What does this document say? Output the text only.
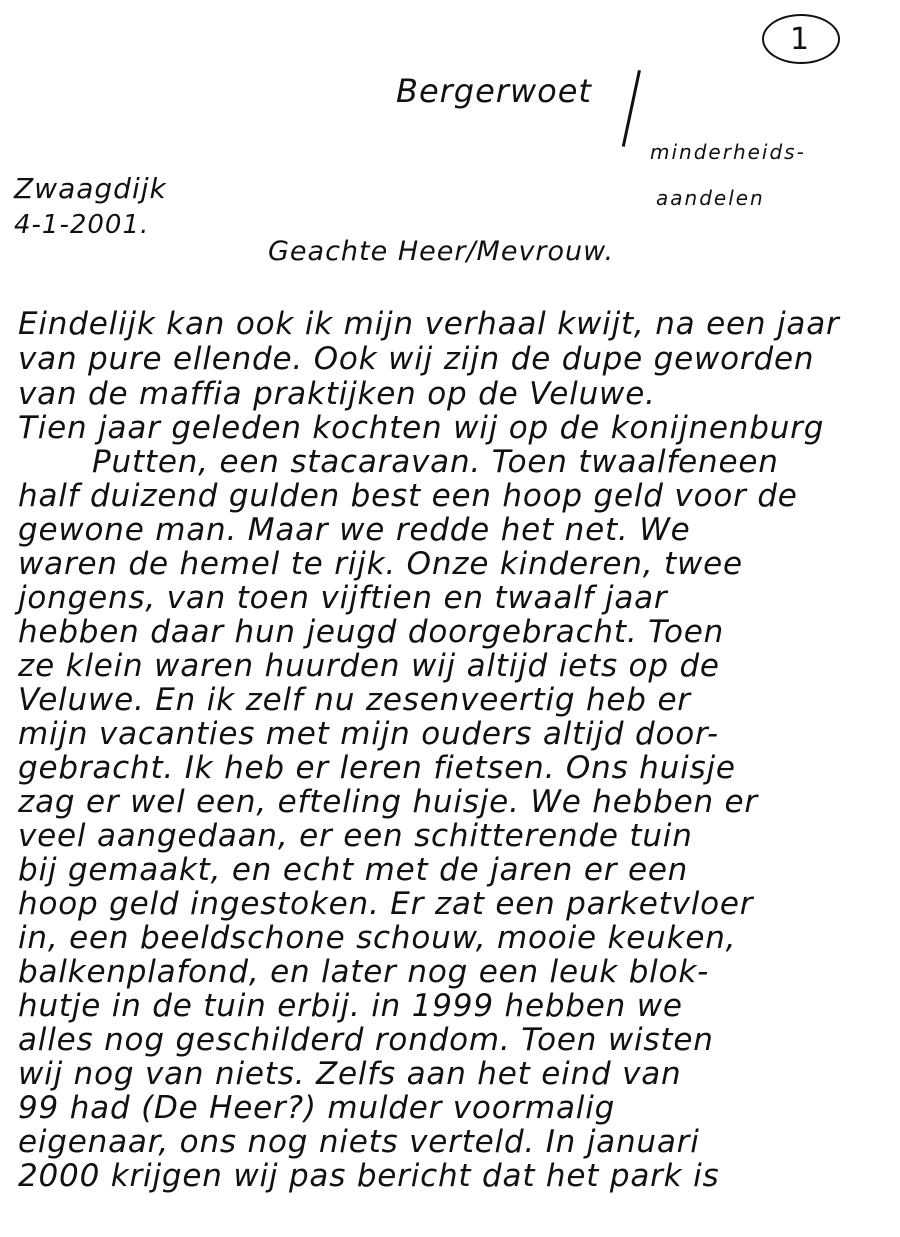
1
Bergerwoet
minderheids-
aandelen
Zwaagdijk
4-1-2001.
Geachte Heer/Mevrouw.
Eindelijk kan ook ik mijn verhaal kwijt, na een jaar
van pure ellende. Ook wij zijn de dupe geworden
van de maffia praktijken op de Veluwe.
Tien jaar geleden kochten wij op de konijnenburg
Putten, een stacaravan. Toen twaalfeneen
half duizend gulden best een hoop geld voor de
gewone man. Maar we redde het net. We
waren de hemel te rijk. Onze kinderen, twee
jongens, van toen vijftien en twaalf jaar
hebben daar hun jeugd doorgebracht. Toen
ze klein waren huurden wij altijd iets op de
Veluwe. En ik zelf nu zesenveertig heb er
mijn vacanties met mijn ouders altijd door-
gebracht. Ik heb er leren fietsen. Ons huisje
zag er wel een, efteling huisje. We hebben er
veel aangedaan, er een schitterende tuin
bij gemaakt, en echt met de jaren er een
hoop geld ingestoken. Er zat een parketvloer
in, een beeldschone schouw, mooie keuken,
balkenplafond, en later nog een leuk blok-
hutje in de tuin erbij. in 1999 hebben we
alles nog geschilderd rondom. Toen wisten
wij nog van niets. Zelfs aan het eind van
99 had (De Heer?) mulder voormalig
eigenaar, ons nog niets verteld. In januari
2000 krijgen wij pas bericht dat het park is
